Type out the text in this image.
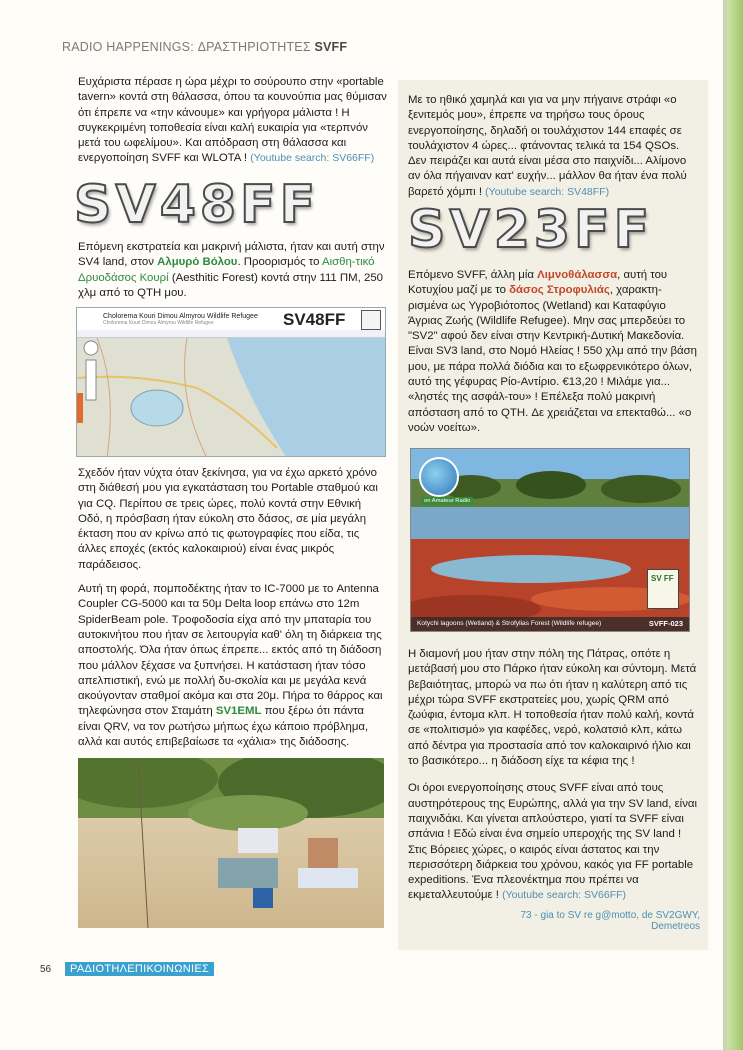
RADIO HAPPENINGS: ΔΡΑΣΤΗΡΙΟΤΗΤΕΣ SVFF

Ευχάριστα πέρασε η ώρα μέχρι το σούρουπο στην «portable tavern» κοντά στη θάλασσα, όπου τα κουνούπια μας θύμισαν ότι έπρεπε να «την κάνουμε» και γρήγορα μάλιστα ! Η συγκεκριμένη τοποθεσία είναι καλή ευκαιρία για «τερπνόν μετά του ωφελίμου». Και απόδραση στη θάλασσα και ενεργοποίηση SVFF και WLOTA ! (Youtube search: SV66FF)

SV48FF

Επόμενη εκστρατεία και μακρινή μάλιστα, ήταν και αυτή στην SV4 land, στον Αλμυρό Βόλου. Προορισμός το Αισθη-τικό Δρυοδάσος Κουρί (Aesthitic Forest) κοντά στην 111 ΠΜ, 250 χλμ από το QTH μου.

Cholorema Kouri Dimou Almyrou Wildlife Refugee
Cholorema Kouri Dimou Almyrou Wildlife Refugee	SV48FF

Σχεδόν ήταν νύχτα όταν ξεκίνησα, για να έχω αρκετό χρόνο στη διάθεσή μου για εγκατάσταση του Portable σταθμού και για CQ. Περίπου σε τρεις ώρες, πολύ κοντά στην Εθνική Οδό, η πρόσβαση ήταν εύκολη στο δάσος, σε μία μεγάλη έκταση που αν κρίνω από τις φωτογραφίες που είδα, τις άλλες εποχές (εκτός καλοκαιριού) είναι ένας μικρός παράδεισος.

Αυτή τη φορά, πομποδέκτης ήταν το IC-7000 με το Antenna Coupler CG-5000 και τα 50μ Delta loop επάνω στο 12m SpiderBeam pole. Τροφοδοσία είχα από την μπαταρία του αυτοκινήτου που ήταν σε λειτουργία καθ' όλη τη διάρκεια της αποστολής. Όλα ήταν όπως έπρεπε... εκτός από τη διάδοση που μάλλον ξέχασε να ξυπνήσει. Η κατάσταση ήταν τόσο απελπιστική, ενώ με πολλή δυ-σκολία και με μεγάλα κενά ακούγονταν σταθμοί ακόμα και στα 20μ. Πήρα το θάρρος και τηλεφώνησα στον Σταμάτη SV1EML που ξέρω ότι πάντα είναι QRV, να τον ρωτήσω μήπως έχω κάποιο πρόβλημα, αλλά και αυτός επιβεβαίωσε τα «χάλια» της διάδοσης.

Με το ηθικό χαμηλά και για να μην πήγαινε στράφι «ο ξενιτεμός μου», έπρεπε να τηρήσω τους όρους ενεργοποίησης, δηλαδή οι τουλάχιστον 144 επαφές σε τουλάχιστον 4 ώρες... φτάνοντας τελικά τα 154 QSOs. Δεν πειράζει και αυτά είναι μέσα στο παιχνίδι... Αλίμονο αν όλα πήγαιναν κατ' ευχήν... μάλλον θα ήταν ένα πολύ βαρετό χόμπι ! (Youtube search: SV48FF)

SV23FF

Επόμενο SVFF, άλλη μία Λιμνοθάλασσα, αυτή του Κοτυχίου μαζί με το δάσος Στροφυλιάς, χαρακτη-ρισμένα ως Υγροβιότοπος (Wetland) και Καταφύγιο Άγριας Ζωής (Wildlife Refugee). Μην σας μπερδεύει το "SV2" αφού δεν είναι στην Κεντρική-Δυτική Μακεδονία. Είναι SV3 land, στο Νομό Ηλείας ! 550 χλμ από την βάση μου, με πάρα πολλά διόδια και το εξωφρενικότερο όλων, αυτό της γέφυρας Ρίο-Αντίριο. €13,20 ! Μιλάμε για... «ληστές της ασφάλ-του» ! Επέλεξα πολύ μακρινή απόσταση από το QTH. Δε χρειάζεται να επεκταθώ... «ο νοών νοείτω».

on Amateur Radio
SV FF
Kotychi lagoons (Wetland) & Strofylias Forest (Wildlife refugee)	SVFF-023

Η διαμονή μου ήταν στην πόλη της Πάτρας, οπότε η μετάβασή μου στο Πάρκο ήταν εύκολη και σύντομη. Μετά βεβαιότητας, μπορώ να πω ότι ήταν η καλύτερη από τις μέχρι τώρα SVFF εκστρατείες μου, χωρίς QRM από ζωύφια, έντομα κλπ. Η τοποθεσία ήταν πολύ καλή, κοντά σε «πολιτισμό» για καφέδες, νερό, κολατσιό κλπ, κάτω από δέντρα για προστασία από τον καλοκαιρινό ήλιο και το βασικότερο... η διάδοση είχε τα κέφια της !

Οι όροι ενεργοποίησης στους SVFF είναι από τους αυστηρότερους της Ευρώπης, αλλά για την SV land, είναι παιχνιδάκι. Και γίνεται απλούστερο, γιατί τα SVFF είναι σπάνια ! Εδώ είναι ένα σημείο υπεροχής της SV land ! Στις Βόρειες χώρες, ο καιρός είναι άστατος και την περισσότερη διάρκεια του χρόνου, κακός για FF portable expeditions. Ένα πλεονέκτημα που πρέπει να εκμεταλλευτούμε ! (Youtube search: SV66FF)

73 - gia to SV re g@motto, de SV2GWY, Demetreos
56	ΡΑΔΙΟΤΗΛΕΠΙΚΟΙΝΩΝΙΕΣ
